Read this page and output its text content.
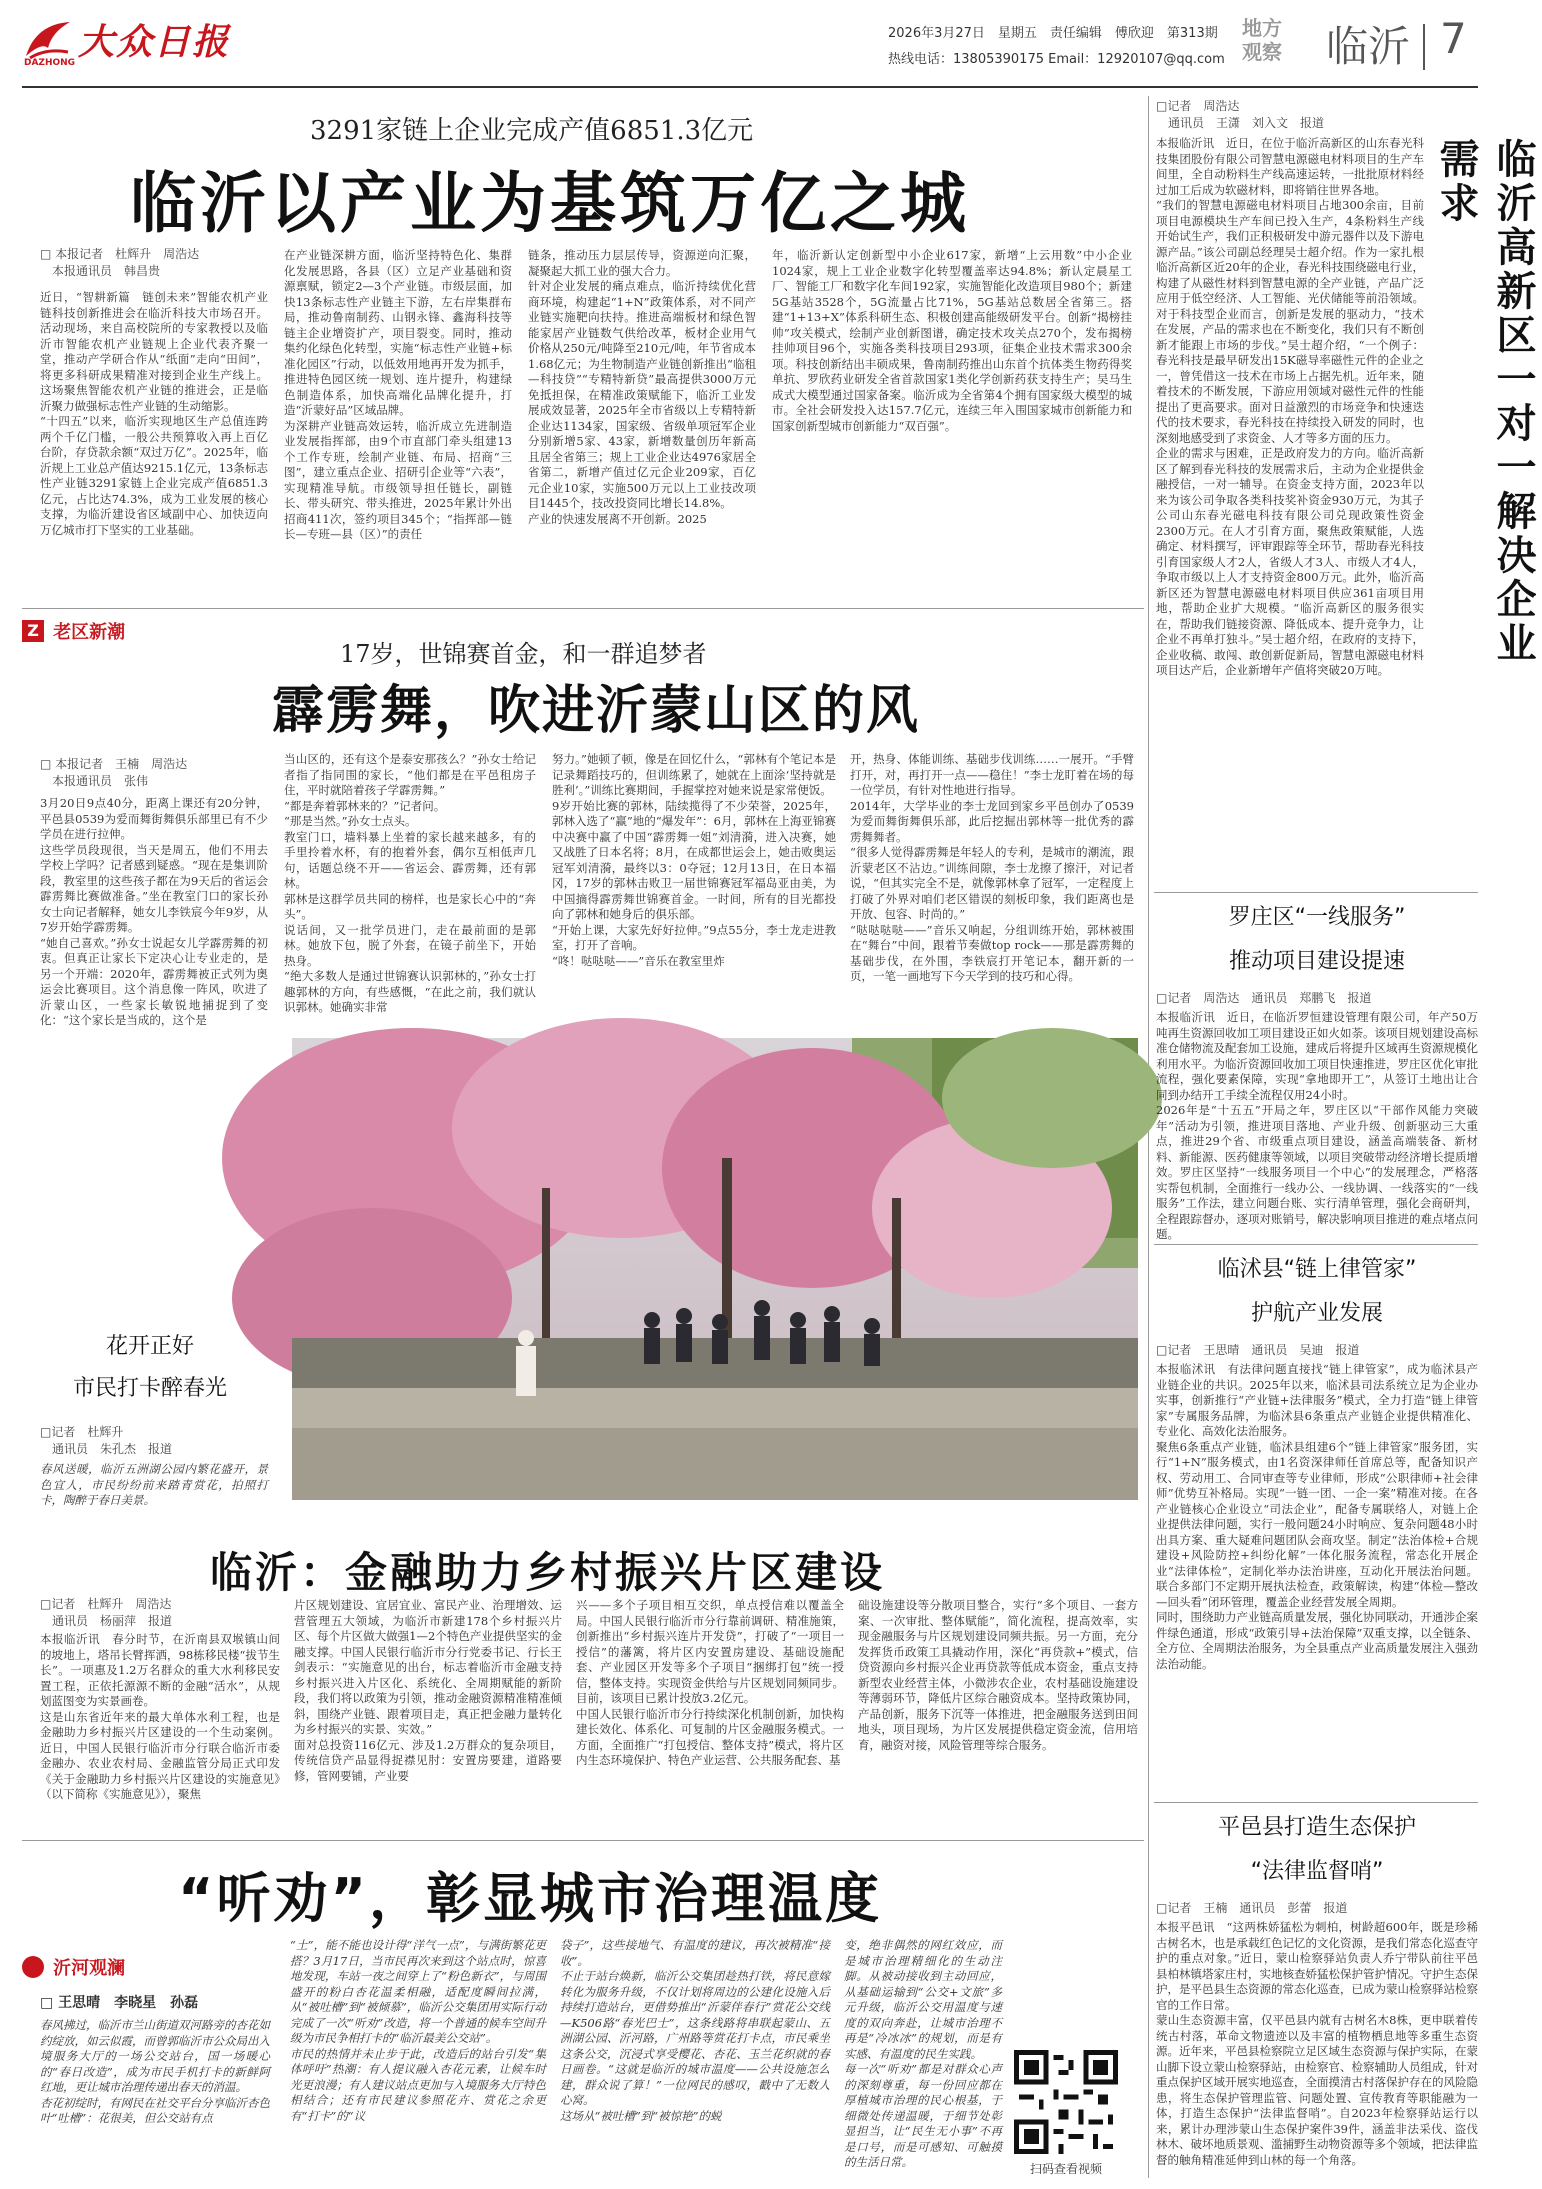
大众日报
DAZHONG
2026年3月27日　星期五　责任编辑　傅欣迎　第313期
热线电话：13805390175 Email：12920107@qq.com
地方观察 临沂 7
3291家链上企业完成产值6851.3亿元
临沂以产业为基筑万亿之城
□ 本报记者　杜辉升　周浩达
　本报通讯员　韩昌贵
近日，“智耕新篇　链创未来”智能农机产业链科技创新推进会在临沂科技大市场召开。活动现场，来自高校院所的专家教授以及临沂市智能农机产业链规上企业代表齐聚一堂，推动产学研合作从“纸面”走向“田间”，将更多科研成果精准对接到企业生产线上。这场聚焦智能农机产业链的推进会，正是临沂聚力做强标志性产业链的生动缩影。
“十四五”以来，临沂实现地区生产总值连跨两个千亿门槛，一般公共预算收入再上百亿台阶，存贷款余额“双过万亿”。2025年，临沂规上工业总产值达9215.1亿元，13条标志性产业链3291家链上企业完成产值6851.3亿元，占比达74.3%，成为工业发展的核心支撑，为临沂建设省区域副中心、加快迈向万亿城市打下坚实的工业基础。
在产业链深耕方面，临沂坚持特色化、集群化发展思路，各县（区）立足产业基础和资源禀赋，锁定2—3个产业链。市级层面，加快13条标志性产业链主下游，左右岸集群布局，推动鲁南制药、山钢永锋、鑫海科技等链主企业增资扩产，项目裂变。同时，推动集约化绿色化转型，实施“标志性产业链+标准化园区”行动，以低效用地再开发为抓手，推进特色园区统一规划、连片提升，构建绿色制造体系，加快高端化品牌化提升，打造“沂蒙好品”区域品牌。
为深耕产业链高效运转，临沂成立先进制造业发展指挥部，由9个市直部门牵头组建13个工作专班，绘制产业链、布局、招商“三图”，建立重点企业、招研引企业等“六表”，实现精准导航。市级领导担任链长，副链长、带头研究、带头推进，2025年累计外出招商411次，签约项目345个；“指挥部—链长—专班—县（区）”的责任
链条，推动压力层层传导，资源逆向汇聚，凝聚起大抓工业的强大合力。
针对企业发展的痛点难点，临沂持续优化营商环境，构建起“1+N”政策体系，对不同产业链实施靶向扶持。推进高端板材和绿色智能家居产业链数气供给改革，板材企业用气价格从250元/吨降至210元/吨，年节省成本1.68亿元；为生物制造产业链创新推出“临租—科技贷”“专精特新贷”最高提供3000万元免抵担保，在精准政策赋能下，临沂工业发展成效显著，2025年全市省级以上专精特新企业达1134家，国家级、省级单项冠军企业分别新增5家、43家，新增数量创历年新高且居全省第三；规上工业企业达4976家居全省第二，新增产值过亿元企业209家，百亿元企业10家，实施500万元以上工业技改项目1445个，技改投资同比增长14.8%。
产业的快速发展离不开创新。2025
年，临沂新认定创新型中小企业617家，新增“上云用数”中小企业1024家，规上工业企业数字化转型覆盖率达94.8%；新认定晨星工厂、智能工厂和数字化车间192家，实施智能化改造项目980个；新建5G基站3528个，5G流量占比71%，5G基站总数居全省第三。搭建“1+13+X”体系科研生态、积极创建高能级研发平台。创新“揭榜挂帅”攻关模式，绘制产业创新图谱，确定技术攻关点270个，发布揭榜挂帅项目96个，实施各类科技项目293项，征集企业技术需求300余项。科技创新结出丰硕成果，鲁南制药推出山东首个抗体类生物药得奖单抗、罗欣药业研发全省首款国家1类化学创新药获支持生产；吴马生成式大模型通过国家备案。临沂成为全省第4个拥有国家级大模型的城市。全社会研发投入达157.7亿元，连续三年入围国家城市创新能力和国家创新型城市创新能力“双百强”。
Z 老区新潮
17岁，世锦赛首金，和一群追梦者
霹雳舞，吹进沂蒙山区的风
□ 本报记者　王楠　周浩达
　本报通讯员　张伟
3月20日9点40分，距离上课还有20分钟，平邑县0539为爱而舞街舞俱乐部里已有不少学员在进行拉伸。
这些学员段现很，当天是周五，他们不用去学校上学吗？记者感到疑惑。“现在是集训阶段，教室里的这些孩子都在为9天后的省运会霹雳舞比赛做准备。”坐在教室门口的家长孙女士向记者解释，她女儿李铁宸今年9岁，从7岁开始学霹雳舞。
“她自己喜欢。”孙女士说起女儿学霹雳舞的初衷。但真正让家长下定决心让专业走的，是另一个开端：2020年，霹雳舞被正式列为奥运会比赛项目。这个消息像一阵风，吹进了沂蒙山区，一些家长敏锐地捕捉到了变化：“这个家长是当成的，这个是
当山区的，还有这个是泰安那孩么？”孙女士给记者指了指同围的家长，“他们都是在平邑租房子住，平时就陪着孩子学霹雳舞。”
“都是奔着郭林来的？”记者问。
“那是当然。”孙女士点头。
教室门口，墙料暴上坐着的家长越来越多，有的手里拎着水杯，有的抱着外套，偶尔互相低声几句，话题总绕不开——省运会、霹雳舞，还有郭林。
郭林是这群学员共同的榜样，也是家长心中的“奔头”。
说话间，又一批学员进门，走在最前面的是郭林。她放下包，脱了外套，在镜子前坐下，开始热身。
“绝大多数人是通过世锦赛认识郭林的，”孙女士打趣郭林的方向，有些感慨，“在此之前，我们就认识郭林。她确实非常
努力。”她顿了顿，像是在回忆什么，“郭林有个笔记本是记录舞蹈技巧的，但训练累了，她就在上面涂‘坚持就是胜利’。”训练比赛期间，手握掌控对她来说是家常便饭。
9岁开始比赛的郭林，陆续揽得了不少荣誉，2025年，郭林入选了“赢”地的“爆发年”：6月，郭林在上海亚锦赛中决赛中赢了中国“霹雳舞一姐”刘清漪，进入决赛，她又战胜了日本名将；8月，在成都世运会上，她击败奥运冠军刘清漪，最终以3：0夺冠；12月13日，在日本福冈，17岁的郭林击败卫一届世锦赛冠军福岛亚由美，为中国摘得霹雳舞世锦赛首金。一时间，所有的目光都投向了郭林和她身后的俱乐部。
“开始上课，大家先好好拉伸。”9点55分，李士龙走进教室，打开了音响。
“咚！哒哒哒——”音乐在教室里炸
开，热身、体能训练、基础步伐训练……一展开。“手臂打开，对，再打开一点——稳住！”李士龙盯着在场的每一位学员，有针对性地进行指导。
2014年，大学毕业的李士龙回到家乡平邑创办了0539为爱而舞街舞俱乐部，此后挖掘出郭林等一批优秀的霹雳舞舞者。
“很多人觉得霹雳舞是年轻人的专利，是城市的潮流，跟沂蒙老区不沾边。”训练间隙，李士龙擦了擦汗，对记者说，“但其实完全不是，就像郭林拿了冠军，一定程度上打破了外界对咱们老区错误的刻板印象，我们距离也是开放、包容、时尚的。”
“哒哒哒哒——”音乐又响起，分组训练开始，郭林被围在“舞台”中间，跟着节奏做top rock——那是霹雳舞的基础步伐，在外围，李铁宸打开笔记本，翻开新的一页，一笔一画地写下今天学到的技巧和心得。
花开正好
市民打卡醉春光
□记者　杜辉升
　通讯员　朱孔杰　报道
春风送暖，临沂五洲湖公园内繁花盛开，景色宜人，市民纷纷前来踏青赏花，拍照打卡，陶醉于春日美景。
临沂：金融助力乡村振兴片区建设
□记者　杜辉升　周浩达
　通讯员　杨丽萍　报道
本报临沂讯　春分时节，在沂南县双堠镇山间的坡地上，塔吊长臂挥洒，98栋移民楼“拔节生长”。一项惠及1.2万名群众的重大水利移民安置工程，正依托源源不断的金融“活水”，从规划蓝图变为实景画卷。
这是山东省近年来的最大单体水利工程，也是金融助力乡村振兴片区建设的一个生动案例。近日，中国人民银行临沂市分行联合临沂市委金融办、农业农村局、金融监管分局正式印发《关于金融助力乡村振兴片区建设的实施意见》（以下简称《实施意见》），聚焦
片区规划建设、宜居宜业、富民产业、治理增效、运营管理五大领域，为临沂市新建178个乡村振兴片区、每个片区做大做强1—2个特色产业提供坚实的金融支撑。中国人民银行临沂市分行党委书记、行长王剑表示：“实施意见的出台，标志着临沂市金融支持乡村振兴进入片区化、系统化、全周期赋能的新阶段，我们将以政策为引领，推动金融资源精准精准倾斜，围绕产业链、跟着项目走，真正把金融力量转化为乡村振兴的实景、实效。”
面对总投资116亿元、涉及1.2万群众的复杂项目，传统信贷产品显得捉襟见肘：安置房要建，道路要修，管网要铺，产业要
兴——多个子项目相互交织，单点授信难以覆盖全局。中国人民银行临沂市分行靠前调研、精准施策，创新推出“乡村振兴连片开发贷”，打破了“一项目一授信”的藩篱，将片区内安置房建设、基础设施配套、产业园区开发等多个子项目“捆绑打包”统一授信，整体支持。实现资金供给与片区规划同频同步。目前，该项目已累计投放3.2亿元。
中国人民银行临沂市分行持续深化机制创新，加快构建长效化、体系化、可复制的片区金融服务模式。一方面，全面推广“打包授信、整体支持”模式，将片区内生态环境保护、特色产业运营、公共服务配套、基
础设施建设等分散项目整合，实行“多个项目、一套方案、一次审批、整体赋能”，简化流程，提高效率，实现金融服务与片区规划建设同频共振。另一方面，充分发挥货币政策工具撬动作用，深化“再贷款+”模式，信贷资源向乡村振兴企业再贷款等低成本资金，重点支持新型农业经营主体，小微涉农企业，农村基础设施建设等薄弱环节，降低片区综合融资成本。坚持政策协同，产品创新，服务下沉等一体推进，把金融服务送到田间地头，项目现场，为片区发展提供稳定资金流，信用培育，融资对接，风险管理等综合服务。
“听劝”，彰显城市治理温度
沂河观澜
□ 王思晴　李晓星　孙磊
春风拂过，临沂市兰山街道双河路旁的杏花如约绽放，如云似霞，而曾郭临沂市公众局出入境服务大厅的一场公交站台，国一场暖心的“春日改造”，成为市民手机打卡的新鲜阿红地，更让城市治理传递出春天的消温。
杏花初绽时，有网民在社交平台分享临沂杏色叶“吐槽”：花很美，但公交站有点
“土”，能不能也设计得“洋气一点”，与满街繁花更搭？3月17日，当市民再次来到这个站点时，惊喜地发现，车站一夜之间穿上了“粉色新衣”，与周围盛开的粉白杏花温柔相融，适配度瞬间拉满，从“被吐槽”到“被倾慕”，临沂公交集团用实际行动完成了一次“听劝”改造，将一个普通的候车空间升级为市民争相打卡的“临沂最美公交站”。
市民的热情并未止步于此，改造后的站台引发“集体呼吁”热潮：有人提议融入杏花元素，让候车时光更浪漫；有人建议站点更加与入境服务大厅特色相结合；还有市民建议参照花卉、赏花之余更有“打卡”的“议
袋子”，这些接地气、有温度的建议，再次被精准“接收”。
不止于站台焕新，临沂公交集团趁热打铁，将民意嫁转化为服务升级，不仅计划将周边的公建化设施入后持续打造站台，更借势推出“沂蒙伴春行”赏花公交线—K506路“春光巴士”，这条线路将串联起蒙山、五洲湖公园、沂河路，广州路等赏花打卡点，市民乘坐这条公交，沉浸式享受樱花、杏花、玉兰花织就的春日画卷。“这就是临沂的城市温度——公共设施怎么建，群众说了算！”一位网民的感叹，戳中了无数人心窝。
这场从“被吐槽”到“被惊艳”的蜕
变，绝非偶然的网红效应，而是城市治理精细化的生动注脚。从被动接收到主动回应，从基础运输到“公交+文旅”多元升级，临沂公交用温度与速度的双向奔赴，让城市治理不再是“冷冰冰”的规划，而是有实感、有温度的民生实践。
每一次“听劝”都是对群众心声的深刻尊重，每一份回应都在厚植城市治理的民心根基，于细微处传递温暖，于细节处彰显担当，让“民生无小事”不再是口号，而是可感知、可触摸的生活日常。	扫码查看视频
□记者　周浩达
　通讯员　王潇　刘入文　报道
本报临沂讯　近日，在位于临沂高新区的山东春光科技集团股份有限公司智慧电源磁电材料项目的生产车间里，全自动粉料生产线高速运转，一批批原材料经过加工后成为软磁材料，即将销往世界各地。
“我们的智慧电源磁电材料项目占地300余亩，目前项目电源模块生产车间已投入生产，4条粉料生产线开始试生产，我们正积极研发中游元器件以及下游电源产品。”该公司副总经理吴士超介绍。作为一家扎根临沂高新区近20年的企业，春光科技围绕磁电行业，构建了从磁性材料到智慧电源的全产业链，产品广泛应用于低空经济、人工智能、光伏储能等前沿领域。对于科技型企业而言，创新是发展的驱动力，“技术在发展，产品的需求也在不断变化，我们只有不断创新才能跟上市场的步伐。”吴士超介绍，“一个例子：春光科技是最早研发出15K磁导率磁性元件的企业之一，曾凭借这一技术在市场上占据先机。近年来，随着技术的不断发展，下游应用领域对磁性元件的性能提出了更高要求。面对日益激烈的市场竞争和快速迭代的技术要求，春光科技在持续投入研发的同时，也深刻地感受到了求资金、人才等多方面的压力。
企业的需求与困难，正是政府发力的方向。临沂高新区了解到春光科技的发展需求后，主动为企业提供金融授信，一对一辅导。在资金支持方面，2023年以来为该公司争取各类科技奖补资金930万元，为其子公司山东春光磁电科技有限公司兑现政策性资金2300万元。在人才引育方面，聚焦政策赋能，人选确定、材料撰写，评审跟踪等全环节，帮助春光科技引育国家级人才2人，省级人才3人、市级人才4人，争取市级以上人才支持资金800万元。此外，临沂高新区还为智慧电源磁电材料项目供应361亩项目用地，帮助企业扩大规模。“临沂高新区的服务很实在，帮助我们链接资源、降低成本、提升竞争力，让企业不再单打独斗。”吴士超介绍，在政府的支持下，企业收稿、敢闯、敢创新促新局，智慧电源磁电材料项目达产后，企业新增年产值将突破20万吨。
临沂高新区一对一解决企业需求
罗庄区“一线服务”
推动项目建设提速
□记者　周浩达　通讯员　郑鹏飞　报道
本报临沂讯　近日，在临沂罗恒建设管理有限公司，年产50万吨再生资源回收加工项目建设正如火如荼。该项目规划建设高标准仓储物流及配套加工设施，建成后将提升区域再生资源规模化利用水平。为临沂资源回收加工项目快速推进，罗庄区优化审批流程，强化要素保障，实现“拿地即开工”，从签订土地出让合同到办结开工手续全流程仅用24小时。
2026年是“十五五”开局之年，罗庄区以“干部作风能力突破年”活动为引领，推进项目落地、产业升级、创新驱动三大重点，推进29个省、市级重点项目建设，涵盖高端装备、新材料、新能源、医药健康等领域，以项目突破带动经济增长提质增效。罗庄区坚持“一线服务项目一个中心”的发展理念，严格落实帮包机制，全面推行一线办公、一线协调、一线落实的“一线服务”工作法，建立问题台账、实行清单管理，强化会商研判，全程跟踪督办，逐项对账销号，解决影响项目推进的难点堵点问题。
临沭县“链上律管家”
护航产业发展
□记者　王思晴　通讯员　吴迪　报道
本报临沭讯　有法律问题直接找“链上律管家”，成为临沭县产业链企业的共识。2025年以来，临沭县司法系统立足为企业办实事，创新推行“产业链+法律服务”模式，全力打造“链上律管家”专属服务品牌，为临沭县6条重点产业链企业提供精准化、专业化、高效化法治服务。
聚焦6条重点产业链，临沭县组建6个“链上律管家”服务团，实行“1+N”服务模式，由1名资深律师任首席总等，配备知识产权、劳动用工、合同审查等专业律师，形成“公职律师+社会律师”优势互补格局。实现“一链一团、一企一案”精准对接。在各产业链核心企业设立“司法企业”，配备专属联络人，对链上企业提供法律问题，实行一般问题24小时响应、复杂问题48小时出具方案、重大疑难问题团队会商攻坚。制定“法治体检+合规建设+风险防控+纠纷化解”一体化服务流程，常态化开展企业“法律体检”，定制化举办法治讲座，互动化开展法治问题。联合多部门不定期开展执法检查，政策解读，构建“体检—整改—回头看”闭环管理，覆盖企业经营发展全周期。
同时，围绕助力产业链高质量发展，强化协同联动，开通涉企案件绿色通道，形成“政策引导+法治保障”双重支撑，以全链条、全方位、全周期法治服务，为全县重点产业高质量发展注入强劲法治动能。
平邑县打造生态保护
“法律监督哨”
□记者　王楠　通讯员　彭蕾　报道
本报平邑讯　“这两株娇猛松为刺柏，树龄超600年，既是珍稀古树名木，也是承载红色记忆的文化资源，是我们常态化巡查守护的重点对象。”近日，蒙山检察驿站负责人乔宁带队前往平邑县柏林镇塔家庄村，实地核查娇猛松保护管护情况。守护生态保护，是平邑县生态资源的常态化巡查，已成为蒙山检察驿站检察官的工作日常。
蒙山生态资源丰富，仅平邑县内就有古树名木8株，更申联着传统古村落，革命文物遗迹以及丰富的植物栖息地等多重生态资源。近年来，平邑县检察院立足区域生态资源与保护实际，在蒙山脚下设立蒙山检察驿站，由检察官、检察辅助人员组成，针对重点保护区域开展实地巡查，全面摸清古村落保护存在的风险隐患，将生态保护管理监管、问题处置、宣传教育等职能融为一体，打造生态保护“法律监督哨”。自2023年检察驿站运行以来，累计办理涉蒙山生态保护案件39件，涵盖非法采伐、盗伐林木、破坏地质景观、滥捕野生动物资源等多个领域，把法律监督的触角精准延伸到山林的每一个角落。
